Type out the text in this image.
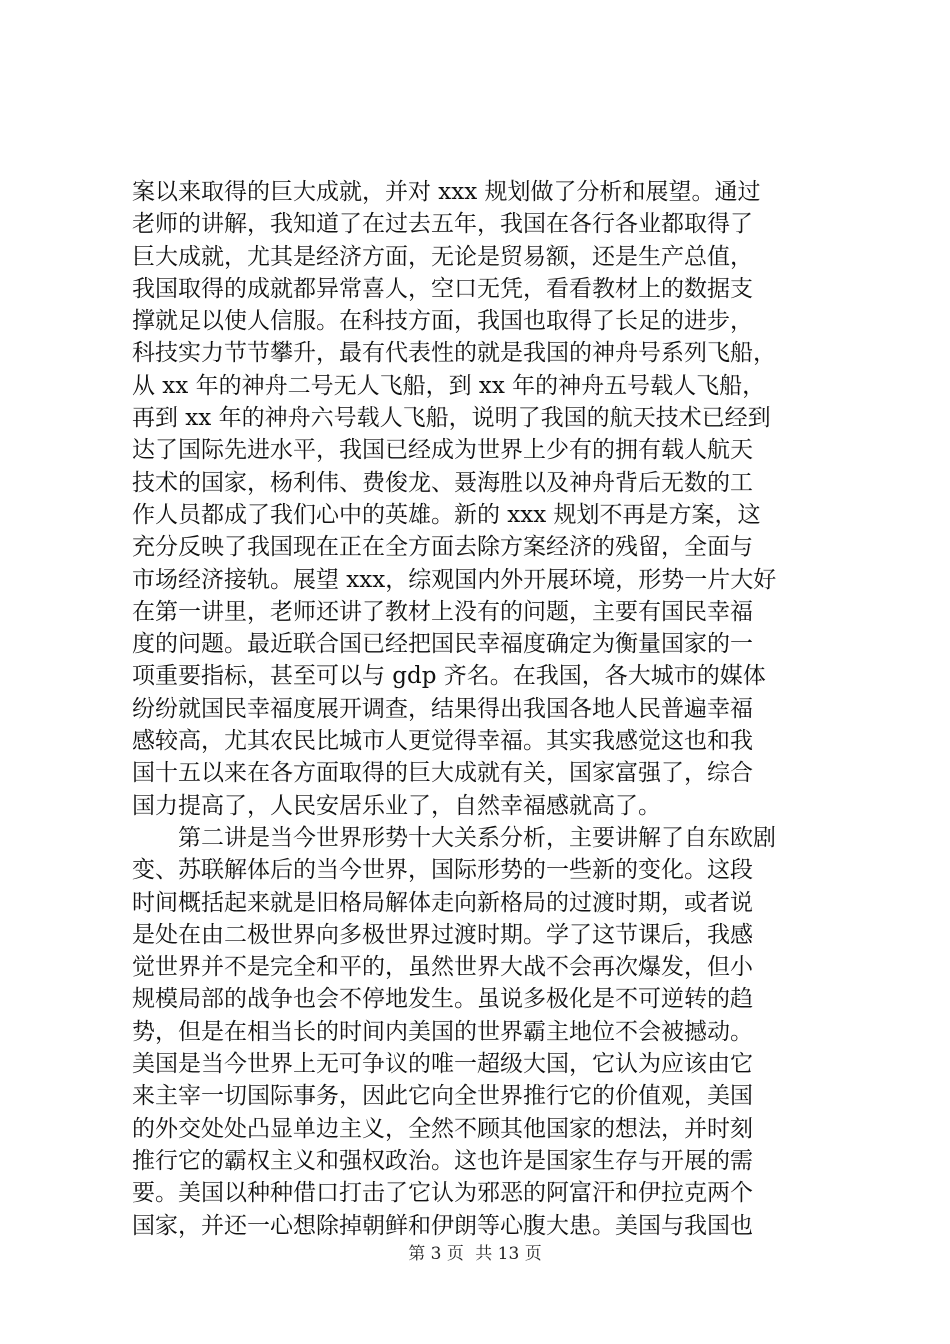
案以来取得的巨大成就，并对 xxx 规划做了分析和展望。通过
老师的讲解，我知道了在过去五年，我国在各行各业都取得了
巨大成就，尤其是经济方面，无论是贸易额，还是生产总值，
我国取得的成就都异常喜人，空口无凭，看看教材上的数据支
撑就足以使人信服。在科技方面，我国也取得了长足的进步，
科技实力节节攀升，最有代表性的就是我国的神舟号系列飞船，
从 xx 年的神舟二号无人飞船，到 xx 年的神舟五号载人飞船，
再到 xx 年的神舟六号载人飞船，说明了我国的航天技术已经到
达了国际先进水平，我国已经成为世界上少有的拥有载人航天
技术的国家，杨利伟、费俊龙、聂海胜以及神舟背后无数的工
作人员都成了我们心中的英雄。新的 xxx 规划不再是方案，这
充分反映了我国现在正在全方面去除方案经济的残留，全面与
市场经济接轨。展望 xxx，综观国内外开展环境，形势一片大好
在第一讲里，老师还讲了教材上没有的问题，主要有国民幸福
度的问题。最近联合国已经把国民幸福度确定为衡量国家的一
项重要指标，甚至可以与 gdp 齐名。在我国，各大城市的媒体
纷纷就国民幸福度展开调查，结果得出我国各地人民普遍幸福
感较高，尤其农民比城市人更觉得幸福。其实我感觉这也和我
国十五以来在各方面取得的巨大成就有关，国家富强了，综合
国力提高了，人民安居乐业了，自然幸福感就高了。
　　第二讲是当今世界形势十大关系分析，主要讲解了自东欧剧
变、苏联解体后的当今世界，国际形势的一些新的变化。这段
时间概括起来就是旧格局解体走向新格局的过渡时期，或者说
是处在由二极世界向多极世界过渡时期。学了这节课后，我感
觉世界并不是完全和平的，虽然世界大战不会再次爆发，但小
规模局部的战争也会不停地发生。虽说多极化是不可逆转的趋
势，但是在相当长的时间内美国的世界霸主地位不会被撼动。
美国是当今世界上无可争议的唯一超级大国，它认为应该由它
来主宰一切国际事务，因此它向全世界推行它的价值观，美国
的外交处处凸显单边主义，全然不顾其他国家的想法，并时刻
推行它的霸权主义和强权政治。这也许是国家生存与开展的需
要。美国以种种借口打击了它认为邪恶的阿富汗和伊拉克两个
国家，并还一心想除掉朝鲜和伊朗等心腹大患。美国与我国也
第 3 页 共 13 页
